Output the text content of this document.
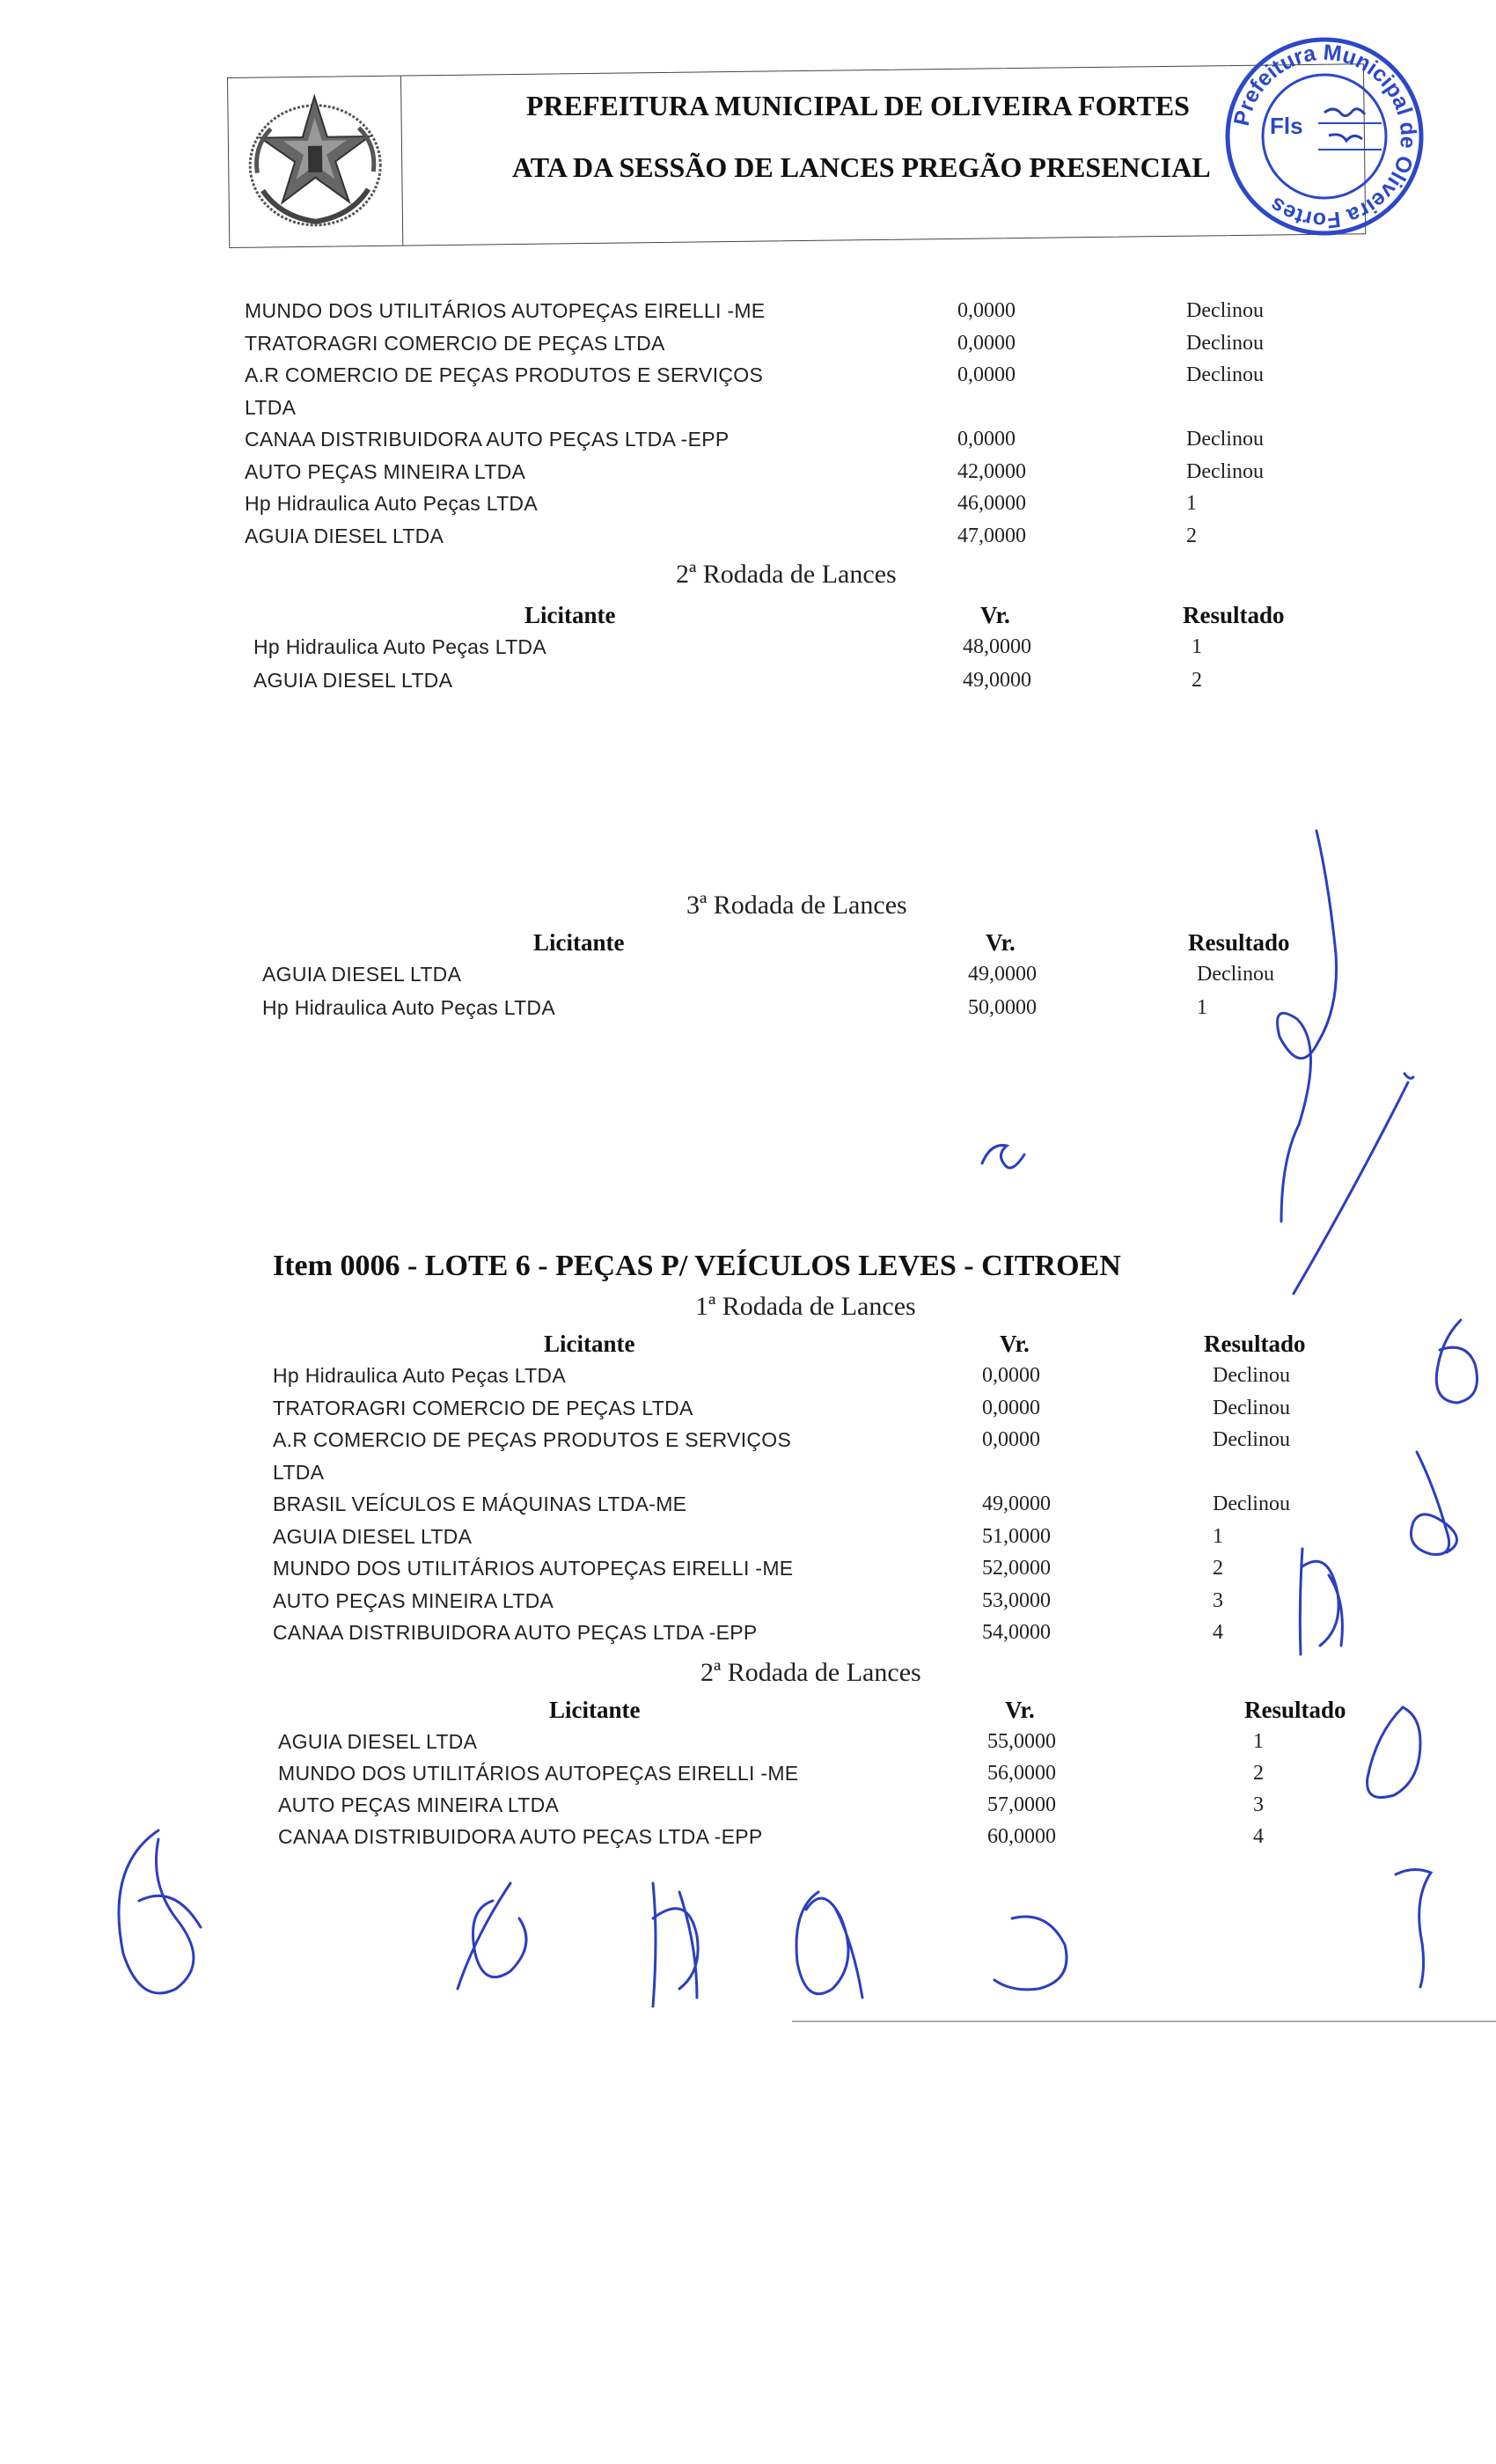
PREFEITURA MUNICIPAL DE OLIVEIRA FORTES
ATA DA SESSÃO DE LANCES PREGÃO PRESENCIAL
Prefeitura Municipal de Oliveira Fortes
Fls
MUNDO DOS UTILITÁRIOS AUTOPEÇAS EIRELLI -ME	0,0000	Declinou
TRATORAGRI COMERCIO DE PEÇAS LTDA	0,0000	Declinou
A.R COMERCIO DE PEÇAS PRODUTOS E SERVIÇOS	0,0000	Declinou
LTDA
CANAA DISTRIBUIDORA AUTO PEÇAS LTDA -EPP	0,0000	Declinou
AUTO PEÇAS MINEIRA LTDA	42,0000	Declinou
Hp Hidraulica Auto Peças LTDA	46,0000	1
AGUIA DIESEL LTDA	47,0000	2
2ª Rodada de Lances
Licitante	Vr.	Resultado
Hp Hidraulica Auto Peças LTDA	48,0000	1
AGUIA DIESEL LTDA	49,0000	2
3ª Rodada de Lances
Licitante	Vr.	Resultado
AGUIA DIESEL LTDA	49,0000	Declinou
Hp Hidraulica Auto Peças LTDA	50,0000	1
Item 0006 - LOTE 6 - PEÇAS P/ VEÍCULOS LEVES - CITROEN
1ª Rodada de Lances
Licitante	Vr.	Resultado
Hp Hidraulica Auto Peças LTDA	0,0000	Declinou
TRATORAGRI COMERCIO DE PEÇAS LTDA	0,0000	Declinou
A.R COMERCIO DE PEÇAS PRODUTOS E SERVIÇOS	0,0000	Declinou
LTDA
BRASIL VEÍCULOS E MÁQUINAS LTDA-ME	49,0000	Declinou
AGUIA DIESEL LTDA	51,0000	1
MUNDO DOS UTILITÁRIOS AUTOPEÇAS EIRELLI -ME	52,0000	2
AUTO PEÇAS MINEIRA LTDA	53,0000	3
CANAA DISTRIBUIDORA AUTO PEÇAS LTDA -EPP	54,0000	4
2ª Rodada de Lances
Licitante	Vr.	Resultado
AGUIA DIESEL LTDA	55,0000	1
MUNDO DOS UTILITÁRIOS AUTOPEÇAS EIRELLI -ME	56,0000	2
AUTO PEÇAS MINEIRA LTDA	57,0000	3
CANAA DISTRIBUIDORA AUTO PEÇAS LTDA -EPP	60,0000	4
